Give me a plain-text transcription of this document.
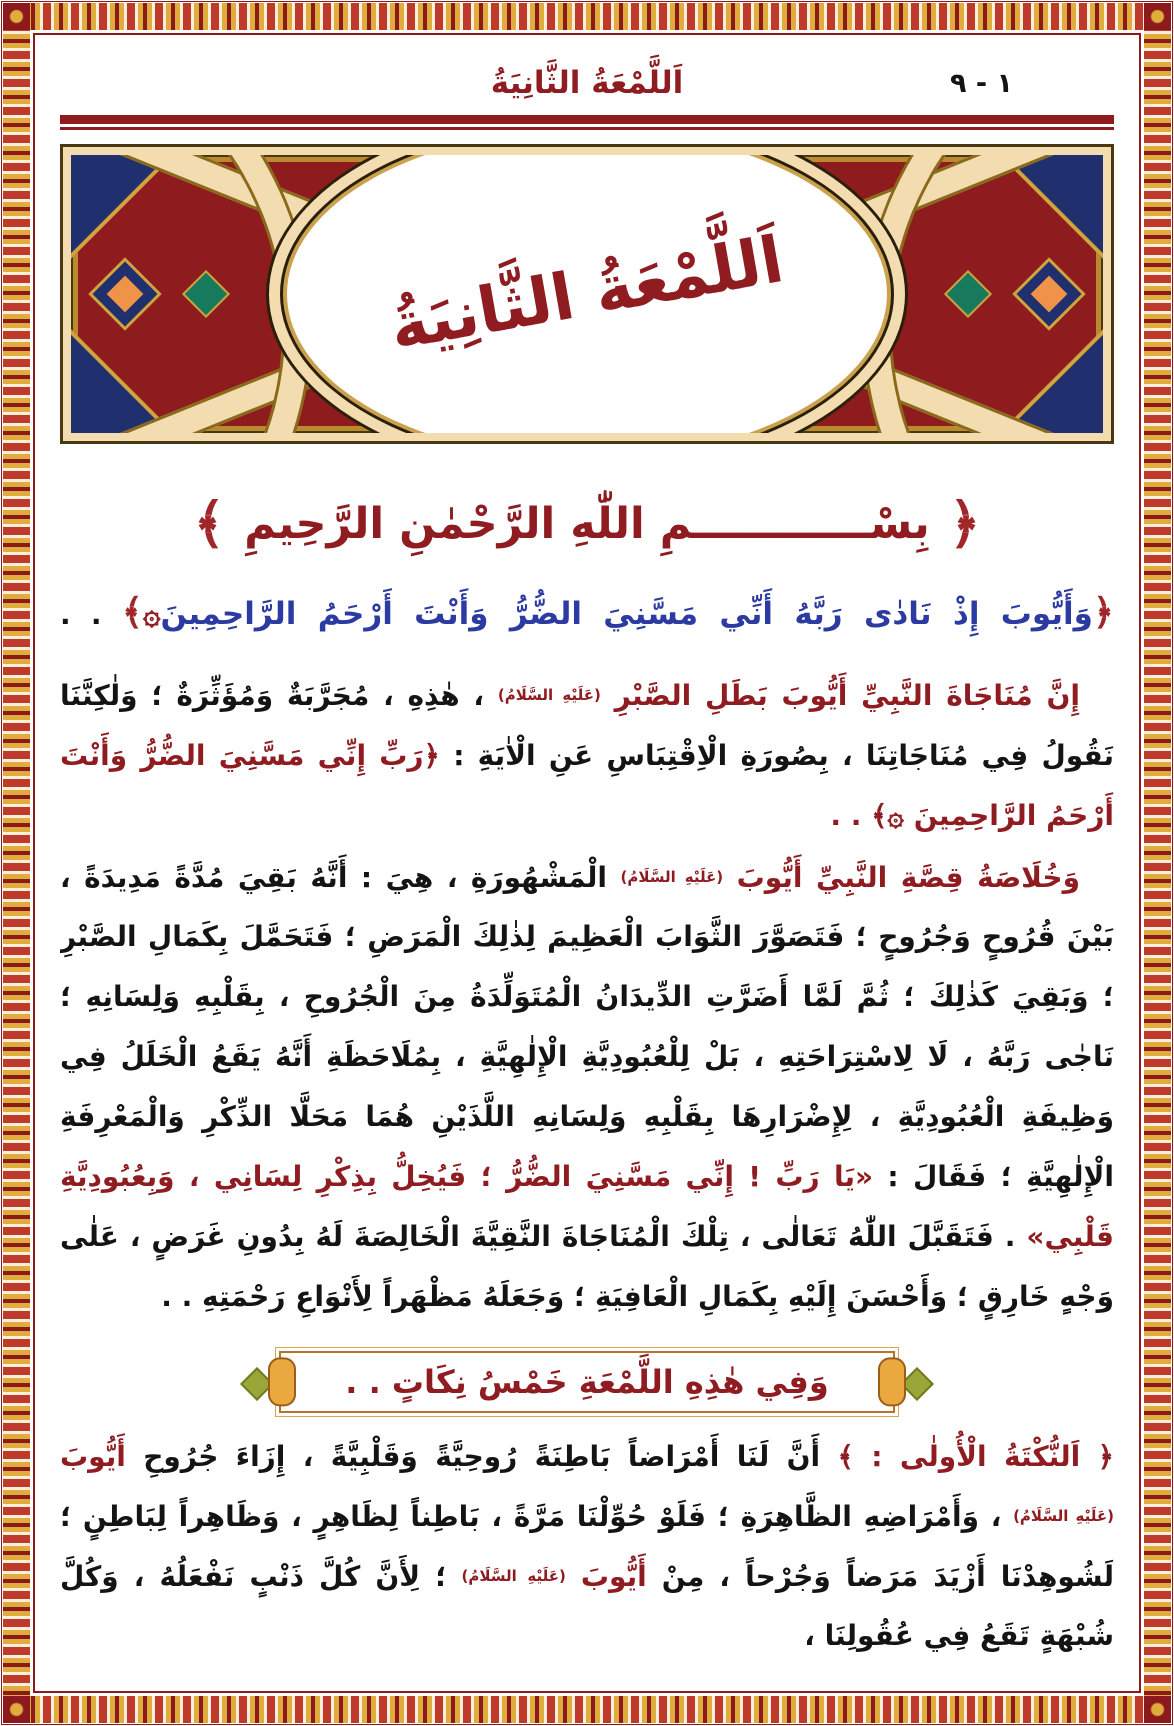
١ - ٩
اَللَّمْعَةُ الثَّانِيَةُ
اَللَّمْعَةُ الثَّانِيَةُ
﴿ بِسْــــــــــــمِ اللّٰهِ الرَّحْمٰنِ الرَّحِيمِ ﴾
﴿وَأَيُّوبَ إِذْ نَادٰى رَبَّهُ أَنِّي مَسَّنِيَ الضُّرُّ وَأَنْتَ أَرْحَمُ الرَّاحِمِينَ۞﴾ . .

إِنَّ مُنَاجَاةَ النَّبِيِّ أَيُّوبَ بَطَلِ الصَّبْرِ (عَلَيْهِ السَّلَامُ) ، هٰذِهِ ، مُجَرَّبَةٌ وَمُؤَثِّرَةٌ ؛ وَلٰكِنَّنَا نَقُولُ فِي مُنَاجَاتِنَا ، بِصُورَةِ الْاِقْتِبَاسِ عَنِ الْاٰيَةِ : ﴿رَبِّ إِنِّي مَسَّنِيَ الضُّرُّ وَأَنْتَ أَرْحَمُ الرَّاحِمِينَ ۞﴾ . .

وَخُلَاصَةُ قِصَّةِ النَّبِيِّ أَيُّوبَ (عَلَيْهِ السَّلَامُ) الْمَشْهُورَةِ ، هِيَ : أَنَّهُ بَقِيَ مُدَّةً مَدِيدَةً ، بَيْنَ قُرُوحٍ وَجُرُوحٍ ؛ فَتَصَوَّرَ الثَّوَابَ الْعَظِيمَ لِذٰلِكَ الْمَرَضِ ؛ فَتَحَمَّلَ بِكَمَالِ الصَّبْرِ ؛ وَبَقِيَ كَذٰلِكَ ؛ ثُمَّ لَمَّا أَضَرَّتِ الدِّيدَانُ الْمُتَوَلِّدَةُ مِنَ الْجُرُوحِ ، بِقَلْبِهِ وَلِسَانِهِ ؛ نَاجٰى رَبَّهُ ، لَا لِاسْتِرَاحَتِهِ ، بَلْ لِلْعُبُودِيَّةِ الْإِلٰهِيَّةِ ، بِمُلَاحَظَةِ أَنَّهُ يَقَعُ الْخَلَلُ فِي وَظِيفَةِ الْعُبُودِيَّةِ ، لِإِضْرَارِهَا بِقَلْبِهِ وَلِسَانِهِ اللَّذَيْنِ هُمَا مَحَلَّا الذِّكْرِ وَالْمَعْرِفَةِ الْإِلٰهِيَّةِ ؛ فَقَالَ : «يَا رَبِّ ! إِنِّي مَسَّنِيَ الضُّرُّ ؛ فَيُخِلُّ بِذِكْرِ لِسَانِي ، وَبِعُبُودِيَّةِ قَلْبِي» . فَتَقَبَّلَ اللّٰهُ تَعَالٰى ، تِلْكَ الْمُنَاجَاةَ النَّقِيَّةَ الْخَالِصَةَ لَهُ بِدُونِ غَرَضٍ ، عَلٰى وَجْهٍ خَارِقٍ ؛ وَأَحْسَنَ إِلَيْهِ بِكَمَالِ الْعَافِيَةِ ؛ وَجَعَلَهُ مَظْهَراً لِأَنْوَاعِ رَحْمَتِهِ . .

وَفِي هٰذِهِ اللَّمْعَةِ خَمْسُ نِكَاتٍ . .

﴿ اَلنُّكْتَةُ الْأُولٰى : ﴾ أَنَّ لَنَا أَمْرَاضاً بَاطِنَةً رُوحِيَّةً وَقَلْبِيَّةً ، إِزَاءَ جُرُوحِ أَيُّوبَ (عَلَيْهِ السَّلَامُ) ، وَأَمْرَاضِهِ الظَّاهِرَةِ ؛ فَلَوْ حُوِّلْنَا مَرَّةً ، بَاطِناً لِظَاهِرٍ ، وَظَاهِراً لِبَاطِنٍ ؛ لَشُوهِدْنَا أَزْيَدَ مَرَضاً وَجُرْحاً ، مِنْ أَيُّوبَ (عَلَيْهِ السَّلَامُ) ؛ لِأَنَّ كُلَّ ذَنْبٍ نَفْعَلُهُ ، وَكُلَّ شُبْهَةٍ تَقَعُ فِي عُقُولِنَا ،
